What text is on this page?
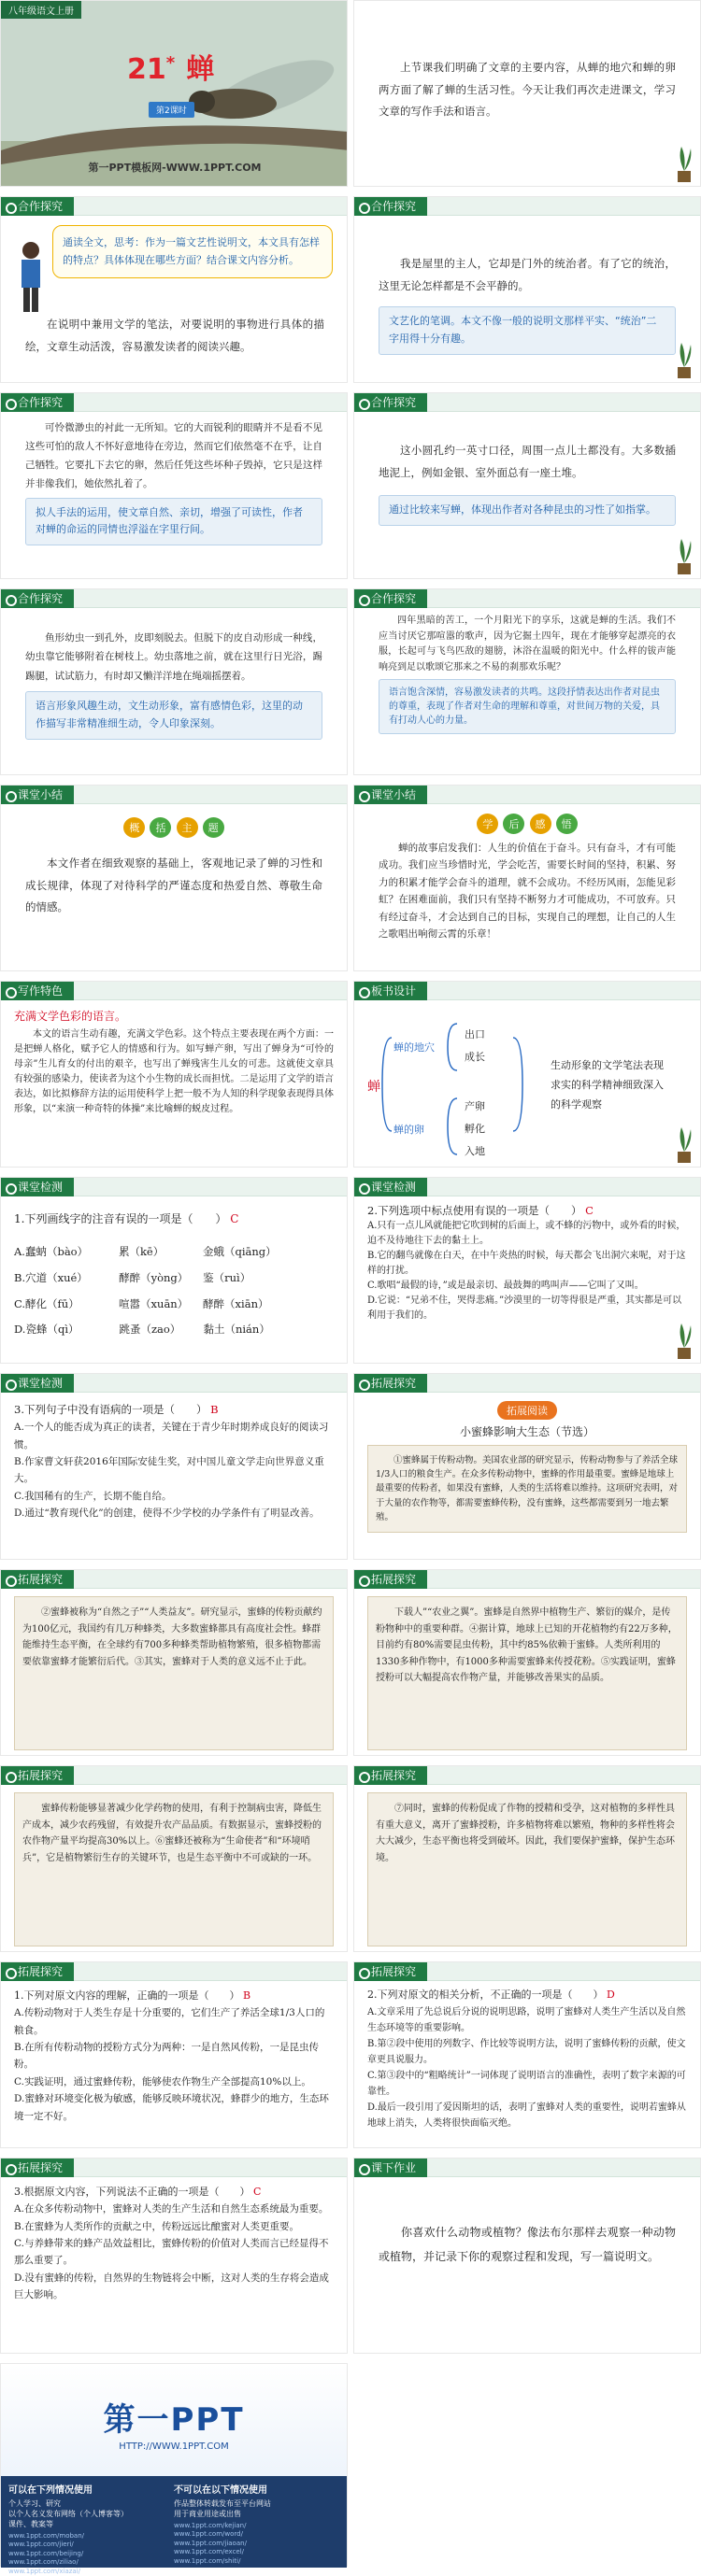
八年级语文上册
21* 蝉
第2课时
第一PPT模板网-WWW.1PPT.COM
上节课我们明确了文章的主要内容，从蝉的地穴和蝉的卵两方面了解了蝉的生活习性。今天让我们再次走进课文，学习文章的写作手法和语言。
合作探究
通读全文，思考：作为一篇文艺性说明文，本文具有怎样的特点？具体体现在哪些方面？结合课文内容分析。
在说明中兼用文学的笔法，对要说明的事物进行具体的描绘，文章生动活泼，容易激发读者的阅读兴趣。
合作探究
我是屋里的主人，它却是门外的统治者。有了它的统治，这里无论怎样都是不会平静的。
文艺化的笔调。本文不像一般的说明文那样平实、“统治”二字用得十分有趣。
合作探究
可怜微渺虫的衬此一无所知。它的大而锐利的眼睛并不是看不见这些可怕的敌人不怀好意地待在旁边，然而它们依然毫不在乎，让自己牺牲。它要扎下去它的卵，然后任凭这些坏种子毁掉，它只是这样并非像我们，她依然扎着了。
拟人手法的运用，使文章自然、亲切，增强了可读性，作者对蝉的命运的同情也浮溢在字里行间。
合作探究
这小圆孔约一英寸口径，周围一点儿土都没有。大多数插地泥上，例如金银、室外面总有一座土堆。
通过比较来写蝉，体现出作者对各种昆虫的习性了如指掌。
合作探究
鱼形幼虫一到孔外，皮即刻脱去。但脱下的皮自动形成一种线，幼虫靠它能够附着在树枝上。幼虫落地之前，就在这里行日光浴，踢踢腿，试试筋力，有时却又懒洋洋地在绳端摇摆着。
语言形象风趣生动，文生动形象，富有感情色彩，这里的动作描写非常精准细生动，令人印象深刻。
合作探究
四年黑暗的苦工，一个月阳光下的享乐，这就是蝉的生活。我们不应当讨厌它那喧嚣的歌声，因为它掘土四年，现在才能够穿起漂亮的衣服，长起可与飞鸟匹敌的翅膀，沐浴在温暖的阳光中。什么样的钹声能响亮到足以歌颂它那来之不易的刹那欢乐呢？
语言饱含深情，容易激发读者的共鸣。这段抒情表达出作者对昆虫的尊重，表现了作者对生命的理解和尊重，对世间万物的关爱，具有打动人心的力量。
课堂小结
概 括 主 题
本文作者在细致观察的基础上，客观地记录了蝉的习性和成长规律，体现了对待科学的严谨态度和热爱自然、尊敬生命的情感。
课堂小结
学 后 感 悟
蝉的故事启发我们：人生的价值在于奋斗。只有奋斗，才有可能成功。我们应当珍惜时光，学会吃苦，需要长时间的坚持，积累、努力的积累才能学会奋斗的道理，就不会成功。不经历风雨，怎能见彩虹？在困难面前，我们只有坚持不断努力才可能成功，不可放弃。只有经过奋斗，才会达到自己的目标，实现自己的理想，让自己的人生之歌唱出响彻云霄的乐章！
写作特色
充满文学色彩的语言。
本文的语言生动有趣，充满文学色彩。这个特点主要表现在两个方面：一是把蝉人格化，赋予它人的情感和行为。如写蝉产卵，写出了蝉身为“可怜的母亲”生儿育女的付出的艰辛，也写出了蝉残害生儿女的可悲。这就使文章具有较强的感染力，使读者为这个小生物的成长而担忧。二是运用了文学的语言表达，如比拟修辞方法的运用使科学上把一般不为人知的科学现象表现得具体形象，以“来演一种奇特的体操”来比喻蝉的蜕皮过程。
板书设计
蝉
蝉的地穴
蝉的卵
出口
成长
产卵
孵化
入地
生动形象的文学笔法表现求实的科学精神细致深入的科学观察
课堂检测

1.下列画线字的注音有误的一项是（　　） C

A.蠢蚋（bào）	累（kē）	金蛾（qiāng）
B.穴道（xué）	酵醉（yòng） 鉴（ruì）
C.酵化（fū）	喧嚣（xuān） 酵醉（xiān）
D.瓷蜂（qì）	跳蚤（zao） 黏土（nián）
课堂检测

2.下列选项中标点使用有误的一项是（　　） C

A.只有一点儿风就能把它吹到树的后面上，或不蜂的污物中，或外看的时候，迫不及待地往下去的黏土上。

B.它的翻鸟就像在白天，在中午炎热的时候，每天都会飞出洞穴来呢，对于这样的打扰。

C.歌唱“最假的诗，”或是最亲切、最鼓舞的鸣叫声——它叫了又叫。

D.它说：“兄弟不住，哭得悲痛。”沙漠里的一切等得很是严重，其实都是可以利用于我们的。

课堂检测

3.下列句子中没有语病的一项是（　　） B

A.一个人的能否成为真正的读者，关键在于青少年时期养成良好的阅读习惯。

B.作家曹文轩获2016年国际安徒生奖，对中国儿童文学走向世界意义重大。

C.我国稀有的生产，长期不能自给。

D.通过“教育现代化”的创建，使得不少学校的办学条件有了明显改善。

拓展探究
拓展阅读
小蜜蜂影响大生态（节选）
①蜜蜂属于传粉动物。美国农业部的研究显示，传粉动物参与了养活全球1/3人口的粮食生产。在众多传粉动物中，蜜蜂的作用最重要。蜜蜂是地球上最重要的传粉者，如果没有蜜蜂，人类的生活将难以维持。这项研究表明，对于大量的农作物等，都需要蜜蜂传粉，没有蜜蜂，这些都需要到另一地去繁殖。
拓展探究
②蜜蜂被称为“自然之子”“人类益友”。研究显示，蜜蜂的传粉贡献约为100亿元，我国约有几万种蜂类，大多数蜜蜂都具有高度社会性。蜂群能维持生态平衡，在全球约有700多种蜂类帮助植物繁殖，很多植物都需要依靠蜜蜂才能繁衍后代。③其实，蜜蜂对于人类的意义远不止于此。
拓展探究
下载人”“农业之翼”。蜜蜂是自然界中植物生产、繁衍的媒介，是传粉物种中的重要种群。④据计算，地球上已知的开花植物约有22万多种，目前约有80%需要昆虫传粉，其中约85%依赖于蜜蜂。人类所利用的1330多种作物中，有1000多种需要蜜蜂来传授花粉。⑤实践证明，蜜蜂授粉可以大幅提高农作物产量，并能够改善果实的品质。
拓展探究
蜜蜂传粉能够显著减少化学药物的使用，有利于控制病虫害，降低生产成本，减少农药残留，有效提升农产品品质。有数据显示，蜜蜂授粉的农作物产量平均提高30%以上。⑥蜜蜂还被称为“生命使者”和“环境哨兵”，它是植物繁衍生存的关键环节，也是生态平衡中不可或缺的一环。
拓展探究
⑦同时，蜜蜂的传粉促成了作物的授精和受孕，这对植物的多样性具有重大意义，离开了蜜蜂授粉，许多植物将难以繁殖，物种的多样性将会大大减少，生态平衡也将受到破坏。因此，我们要保护蜜蜂，保护生态环境。
拓展探究

1.下列对原文内容的理解，正确的一项是（　　） B

A.传粉动物对于人类生存是十分重要的，它们生产了养活全球1/3人口的粮食。

B.在所有传粉动物的授粉方式分为两种：一是自然风传粉，一是昆虫传粉。

C.实践证明，通过蜜蜂传粉，能够使农作物生产全部提高10%以上。

D.蜜蜂对环境变化极为敏感，能够反映环境状况，蜂群少的地方，生态环境一定不好。

拓展探究

2.下列对原文的相关分析，不正确的一项是（　　） D

A.文章采用了先总说后分说的说明思路，说明了蜜蜂对人类生产生活以及自然生态环境等的重要影响。

B.第②段中使用的列数字、作比较等说明方法，说明了蜜蜂传粉的贡献，使文章更具说服力。

C.第③段中的“粗略统计”一词体现了说明语言的准确性，表明了数字来源的可靠性。

D.最后一段引用了爱因斯坦的话，表明了蜜蜂对人类的重要性，说明若蜜蜂从地球上消失，人类将很快面临灭绝。

拓展探究

3.根据原文内容，下列说法不正确的一项是（　　） C

A.在众多传粉动物中，蜜蜂对人类的生产生活和自然生态系统最为重要。

B.在蜜蜂为人类所作的贡献之中，传粉远远比酿蜜对人类更重要。

C.与养蜂带来的蜂产品效益相比，蜜蜂传粉的价值对人类而言已经显得不那么重要了。

D.没有蜜蜂的传粉，自然界的生物链将会中断，这对人类的生存将会造成巨大影响。

课下作业
你喜欢什么动物或植物？像法布尔那样去观察一种动物或植物，并记录下你的观察过程和发现，写一篇说明文。
第一PPT
HTTP://WWW.1PPT.COM
可以在下列情况使用
个人学习、研究
以个人名义发布网络（个人博客等）
课件、教案等
www.1ppt.com/moban/
www.1ppt.com/jieri/
www.1ppt.com/beijing/
www.1ppt.com/ziliao/
www.1ppt.com/xiazai/
不可以在以下情况使用
作品整体转载发布至平台网站
用于商业用途或出售
www.1ppt.com/kejian/
www.1ppt.com/word/
www.1ppt.com/jiaoan/
www.1ppt.com/excel/
www.1ppt.com/shiti/
